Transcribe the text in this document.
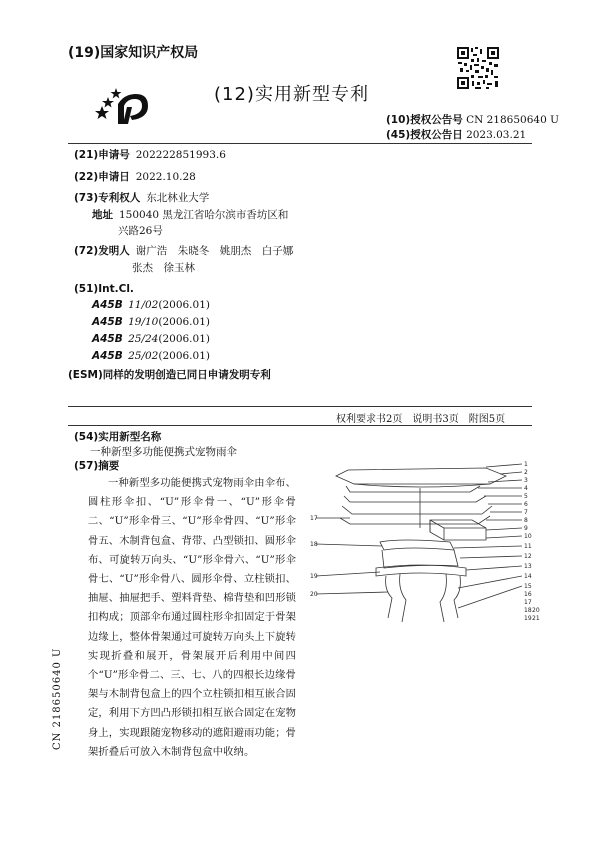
(19)国家知识产权局
(12)实用新型专利
(10)授权公告号 CN 218650640 U
(45)授权公告日 2023.03.21
(21)申请号 202222851993.6
(22)申请日 2022.10.28
(73)专利权人 东北林业大学
地址 150040 黑龙江省哈尔滨市香坊区和
兴路26号
(72)发明人 谢广浩　朱晓冬　姚朋杰　白子娜
张杰　徐玉林
(51)Int.Cl.
A45B 11/02(2006.01)
A45B 19/10(2006.01)
A45B 25/24(2006.01)
A45B 25/02(2006.01)
(ESM)同样的发明创造已同日申请发明专利
权利要求书2页　说明书3页　附图5页
(54)实用新型名称
一种新型多功能便携式宠物雨伞
(57)摘要
一种新型多功能便携式宠物雨伞由伞布、圆柱形伞扣、“U”形伞骨一、“U”形伞骨二、“U”形伞骨三、“U”形伞骨四、“U”形伞骨五、木制背包盒、背带、凸型锁扣、圆形伞布、可旋转万向头、“U”形伞骨六、“U”形伞骨七、“U”形伞骨八、圆形伞骨、立柱锁扣、抽屉、抽屉把手、塑料背垫、棉背垫和凹形锁扣构成；顶部伞布通过圆柱形伞扣固定于骨架边缘上，整体骨架通过可旋转万向头上下旋转实现折叠和展开，骨架展开后利用中间四个“U”形伞骨二、三、七、八的四根长边缘骨架与木制背包盒上的四个立柱锁扣相互嵌合固定，利用下方凹凸形锁扣相互嵌合固定在宠物身上，实现跟随宠物移动的遮阳避雨功能；骨架折叠后可放入木制背包盒中收纳。
CN 218650640 U
1
2
3
4
5
6
7
8
9
10
11
12
13
14
15
16
17
18
19
20
21
17
18
19
20
